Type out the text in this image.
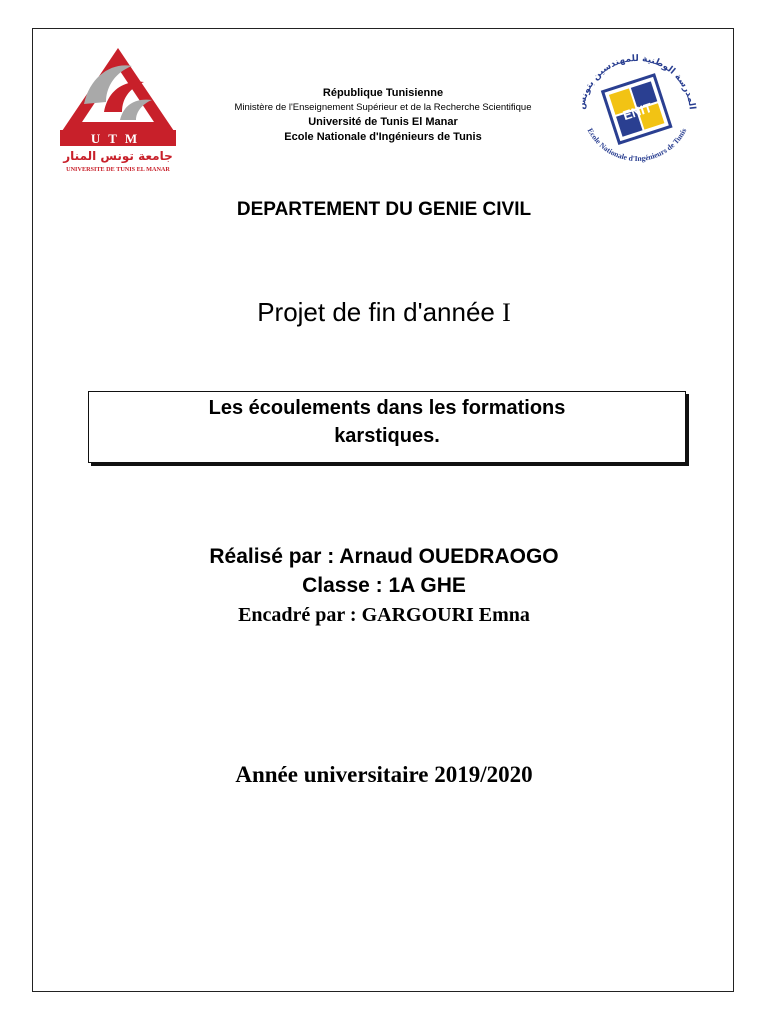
UTM
جامعة تونس المنار
UNIVERSITE DE TUNIS EL MANAR
المدرسة الوطنية للمهندسين بتونس
Ecole Nationale d'Ingénieurs de Tunis
ENIT
République Tunisienne
Ministère de l'Enseignement Supérieur et de la Recherche Scientifique
Université de Tunis El Manar
Ecole Nationale d'Ingénieurs de Tunis
DEPARTEMENT DU GENIE CIVIL
Projet de fin d'année I
Les écoulements dans les formations
karstiques.
Réalisé par : Arnaud OUEDRAOGO
Classe : 1A GHE
Encadré par : GARGOURI Emna
Année universitaire 2019/2020
